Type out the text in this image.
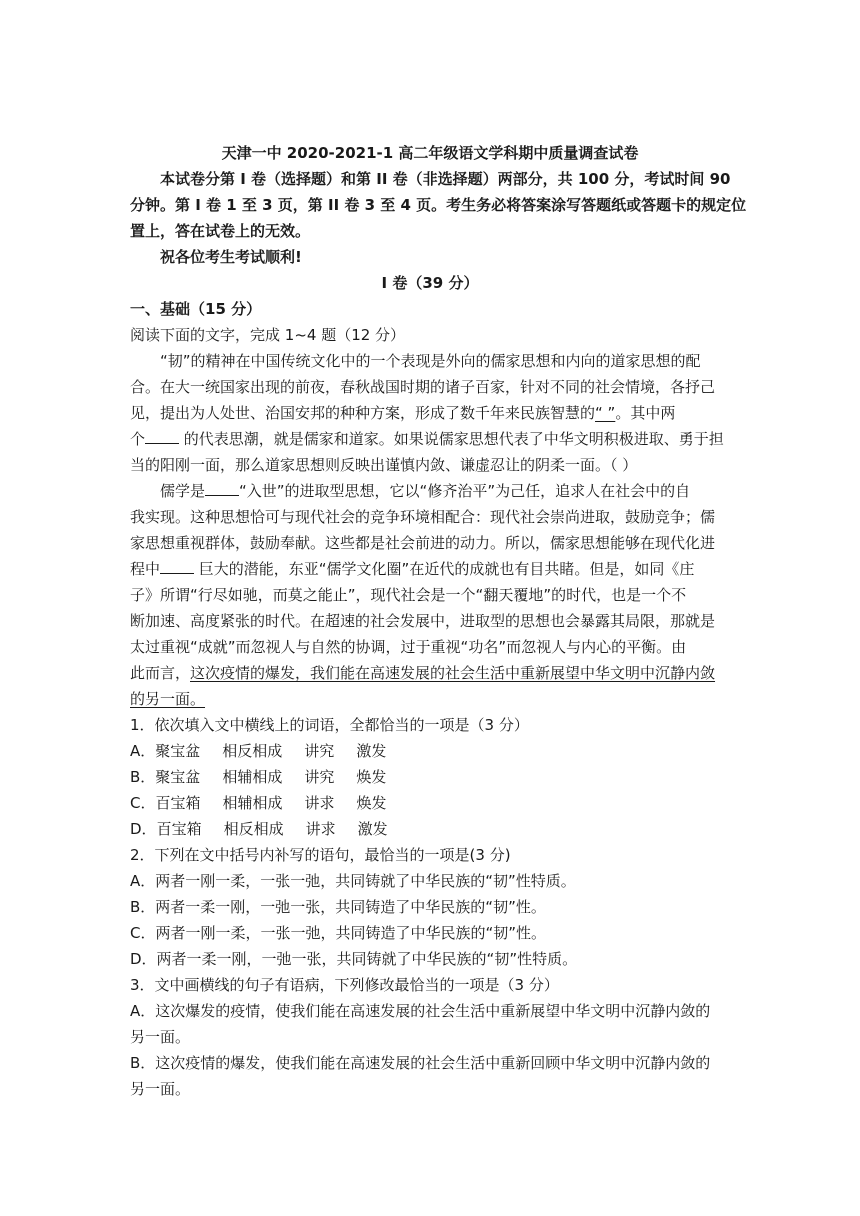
天津一中 2020-2021-1 高二年级语文学科期中质量调查试卷
本试卷分第 I 卷（选择题）和第 II 卷（非选择题）两部分，共 100 分，考试时间 90
分钟。第 I 卷 1 至 3 页，第 II 卷 3 至 4 页。考生务必将答案涂写答题纸或答题卡的规定位
置上，答在试卷上的无效。
祝各位考生考试顺利!
I 卷（39 分）
一、基础（15 分）
阅读下面的文字，完成 1~4 题（12 分）
“韧”的精神在中国传统文化中的一个表现是外向的儒家思想和内向的道家思想的配
合。在大一统国家出现的前夜，春秋战国时期的诸子百家，针对不同的社会情境，各抒己
见，提出为人处世、治国安邦的种种方案，形成了数千年来民族智慧的“ ”。其中两
个 的代表思潮，就是儒家和道家。如果说儒家思想代表了中华文明积极进取、勇于担
当的阳刚一面，那么道家思想则反映出谨慎内敛、谦虚忍让的阴柔一面。（ ）
儒学是 “入世”的进取型思想，它以“修齐治平”为己任，追求人在社会中的自
我实现。这种思想恰可与现代社会的竞争环境相配合：现代社会崇尚进取，鼓励竞争；儒
家思想重视群体，鼓励奉献。这些都是社会前进的动力。所以，儒家思想能够在现代化进
程中 巨大的潜能，东亚“儒学文化圈”在近代的成就也有目共睹。但是，如同《庄
子》所谓“行尽如驰，而莫之能止”，现代社会是一个“翻天覆地”的时代，也是一个不
断加速、高度紧张的时代。在超速的社会发展中，进取型的思想也会暴露其局限，那就是
太过重视“成就”而忽视人与自然的协调，过于重视“功名”而忽视人与内心的平衡。由
此而言，这次疫情的爆发，我们能在高速发展的社会生活中重新展望中华文明中沉静内敛
的另一面。
1．依次填入文中横线上的词语，全都恰当的一项是（3 分）
A．聚宝盆 相反相成 讲究 激发
B．聚宝盆 相辅相成 讲究 焕发
C．百宝箱 相辅相成 讲求 焕发
D．百宝箱 相反相成 讲求 激发
2．下列在文中括号内补写的语句，最恰当的一项是(3 分)
A．两者一刚一柔，一张一弛，共同铸就了中华民族的“韧”性特质。
B．两者一柔一刚，一弛一张，共同铸造了中华民族的“韧”性。
C．两者一刚一柔，一张一弛，共同铸造了中华民族的“韧”性。
D．两者一柔一刚，一弛一张，共同铸就了中华民族的“韧”性特质。
3．文中画横线的句子有语病，下列修改最恰当的一项是（3 分）
A．这次爆发的疫情，使我们能在高速发展的社会生活中重新展望中华文明中沉静内敛的
另一面。
B．这次疫情的爆发，使我们能在高速发展的社会生活中重新回顾中华文明中沉静内敛的
另一面。
